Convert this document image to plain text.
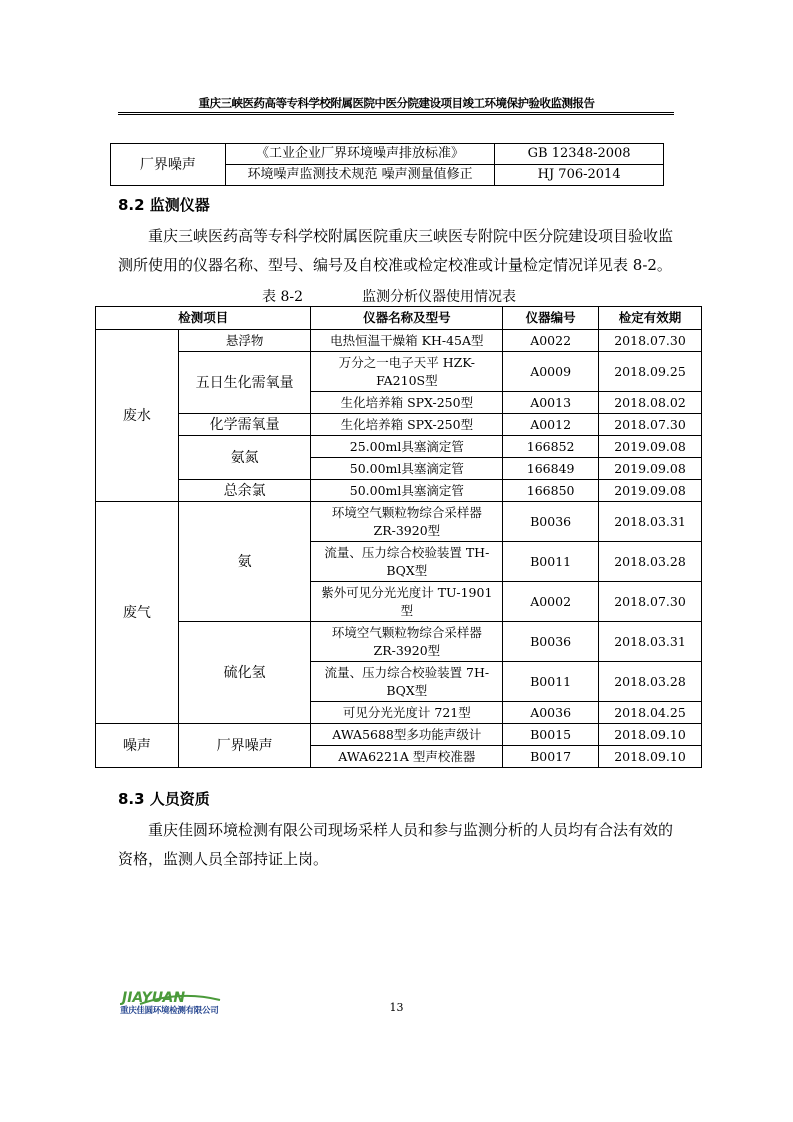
重庆三峡医药高等专科学校附属医院中医分院建设项目竣工环境保护验收监测报告
厂界噪声	《工业企业厂界环境噪声排放标准》	GB 12348-2008
	环境噪声监测技术规范 噪声测量值修正	HJ 706-2014
8.2 监测仪器
重庆三峡医药高等专科学校附属医院重庆三峡医专附院中医分院建设项目验收监测所使用的仪器名称、型号、编号及自校准或检定校准或计量检定情况详见表 8-2。
表 8-2	监测分析仪器使用情况表
检测项目		仪器名称及型号	仪器编号	检定有效期
废水	悬浮物	电热恒温干燥箱 KH-45A型	A0022	2018.07.30
	五日生化需氧量	万分之一电子天平 HZK-FA210S型	A0009	2018.09.25
		生化培养箱 SPX-250型	A0013	2018.08.02
	化学需氧量	生化培养箱 SPX-250型	A0012	2018.07.30
	氨氮	25.00ml具塞滴定管	166852	2019.09.08
		50.00ml具塞滴定管	166849	2019.09.08
	总余氯	50.00ml具塞滴定管	166850	2019.09.08
废气	氨	环境空气颗粒物综合采样器 ZR-3920型	B0036	2018.03.31
		流量、压力综合校验装置 TH-BQX型	B0011	2018.03.28
		紫外可见分光光度计 TU-1901型	A0002	2018.07.30
	硫化氢	环境空气颗粒物综合采样器 ZR-3920型	B0036	2018.03.31
		流量、压力综合校验装置 7H-BQX型	B0011	2018.03.28
		可见分光光度计 721型	A0036	2018.04.25
噪声	厂界噪声	AWA5688型多功能声级计	B0015	2018.09.10
		AWA6221A 型声校准器	B0017	2018.09.10
8.3 人员资质
重庆佳圆环境检测有限公司现场采样人员和参与监测分析的人员均有合法有效的资格，监测人员全部持证上岗。
JIAYUAN
重庆佳圆环境检测有限公司	13
